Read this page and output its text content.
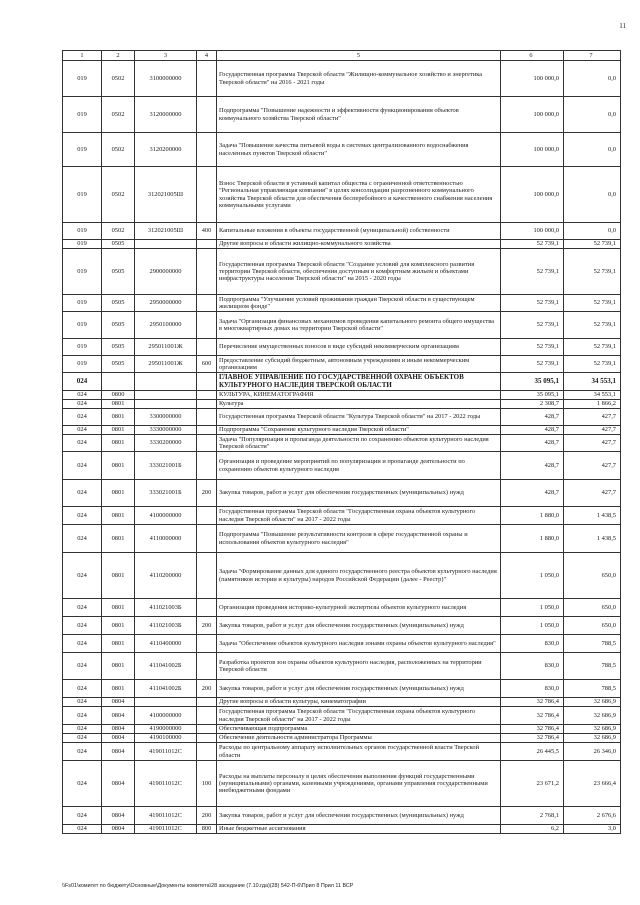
11
1	2	3	4	5	6	7
019	0502	3100000000		Государственная программа Тверской области "Жилищно-коммунальное хозяйство и энергетика Тверской области" на 2016 - 2021 годы	100 000,0	0,0
019	0502	3120000000		Подпрограмма "Повышение надежности и эффективности функционирования объектов коммунального хозяйства Тверской области"	100 000,0	0,0
019	0502	3120200000		Задача "Повышение качества питьевой воды в системах централизованного водоснабжения населенных пунктов Тверской области"	100 000,0	0,0
019	0502	312021005Ш		Взнос Тверской области в уставный капитал общества с ограниченной ответственностью "Региональная управляющая компания" в целях консолидации разрозненного коммунального хозяйства Тверской области для обеспечения бесперебойного и качественного снабжения населения коммунальными услугами	100 000,0	0,0
019	0502	312021005Ш	400	Капитальные вложения в объекты государственной (муниципальной) собственности	100 000,0	0,0
019	0505			Другие вопросы в области жилищно-коммунального хозяйства	52 739,1	52 739,1
019	0505	2900000000		Государственная программа Тверской области "Создание условий для комплексного развития территории Тверской области, обеспечения доступным и комфортным жильем и объектами инфраструктуры населения Тверской области" на 2015 - 2020 годы	52 739,1	52 739,1
019	0505	2950000000		Подпрограмма "Улучшение условий проживания граждан Тверской области в существующем жилищном фонде"	52 739,1	52 739,1
019	0505	2950100000		Задача "Организация финансовых механизмов проведения капитального ремонта общего имущества в многоквартирных домах на территории Тверской области"	52 739,1	52 739,1
019	0505	295011001Ж		Перечисление имущественных взносов в виде субсидий некоммерческим организациям	52 739,1	52 739,1
019	0505	295011001Ж	600	Предоставление субсидий бюджетным, автономным учреждениям и иным некоммерческим организациям	52 739,1	52 739,1
024				ГЛАВНОЕ УПРАВЛЕНИЕ ПО ГОСУДАРСТВЕННОЙ ОХРАНЕ ОБЪЕКТОВ КУЛЬТУРНОГО НАСЛЕДИЯ ТВЕРСКОЙ ОБЛАСТИ	35 095,1	34 553,1
024	0800			КУЛЬТУРА, КИНЕМАТОГРАФИЯ	35 095,1	34 553,1
024	0801			Культура	2 308,7	1 866,2
024	0801	3300000000		Государственная программа Тверской области "Культура Тверской области" на 2017 - 2022 годы	428,7	427,7
024	0801	3330000000		Подпрограмма "Сохранение культурного наследия Тверской области"	428,7	427,7
024	0801	3330200000		Задача "Популяризация и пропаганда деятельности по сохранению объектов культурного наследия Тверской области"	428,7	427,7
024	0801	333021001Б		Организация и проведение мероприятий по популяризации и пропаганде деятельности по сохранению объектов культурного наследия	428,7	427,7
024	0801	333021001Б	200	Закупка товаров, работ и услуг для обеспечения государственных (муниципальных) нужд	428,7	427,7
024	0801	4100000000		Государственная программа Тверской области "Государственная охрана объектов культурного наследия Тверской области" на 2017 - 2022 годы	1 880,0	1 438,5
024	0801	4110000000		Подпрограмма "Повышение результативности контроля в сфере государственной охраны и использования объектов культурного наследия"	1 880,0	1 438,5
024	0801	4110200000		Задача "Формирование данных для единого государственного реестра объектов культурного наследия (памятников истории и культуры) народов Российской Федерации (далее - Реестр)"	1 050,0	650,0
024	0801	411021003Б		Организация проведения историко-культурной экспертизы объектов культурного наследия	1 050,0	650,0
024	0801	411021003Б	200	Закупка товаров, работ и услуг для обеспечения государственных (муниципальных) нужд	1 050,0	650,0
024	0801	4110400000		Задача "Обеспечение объектов культурного наследия зонами охраны объектов культурного наследия"	830,0	788,5
024	0801	411041002Б		Разработка проектов зон охраны объектов культурного наследия, расположенных на территории Тверской области	830,0	788,5
024	0801	411041002Б	200	Закупка товаров, работ и услуг для обеспечения государственных (муниципальных) нужд	830,0	788,5
024	0804			Другие вопросы в области культуры, кинематографии	32 786,4	32 686,9
024	0804	4100000000		Государственная программа Тверской области "Государственная охрана объектов культурного наследия Тверской области" на 2017 - 2022 годы	32 786,4	32 686,9
024	0804	4190000000		Обеспечивающая подпрограмма	32 786,4	32 686,9
024	0804	4190100000		Обеспечение деятельности администратора Программы	32 786,4	32 686,9
024	0804	419011012С		Расходы по центральному аппарату исполнительных органов государственной власти Тверской области	26 445,5	26 346,0
024	0804	419011012С	100	Расходы на выплаты персоналу в целях обеспечения выполнения функций государственными (муниципальными) органами, казенными учреждениями, органами управления государственными внебюджетными фондами	23 671,2	23 666,4
024	0804	419011012С	200	Закупка товаров, работ и услуг для обеспечения государственных (муниципальных) нужд	2 768,1	2 676,6
024	0804	419011012С	800	Иные бюджетные ассигнования	6,2	3,0
\\Fs01\комитет по бюджету\Основные\Документы комитета\28 заседание (7.10.гда)(28) 542-П-6\Прил 8 Прил 11 ВСР
